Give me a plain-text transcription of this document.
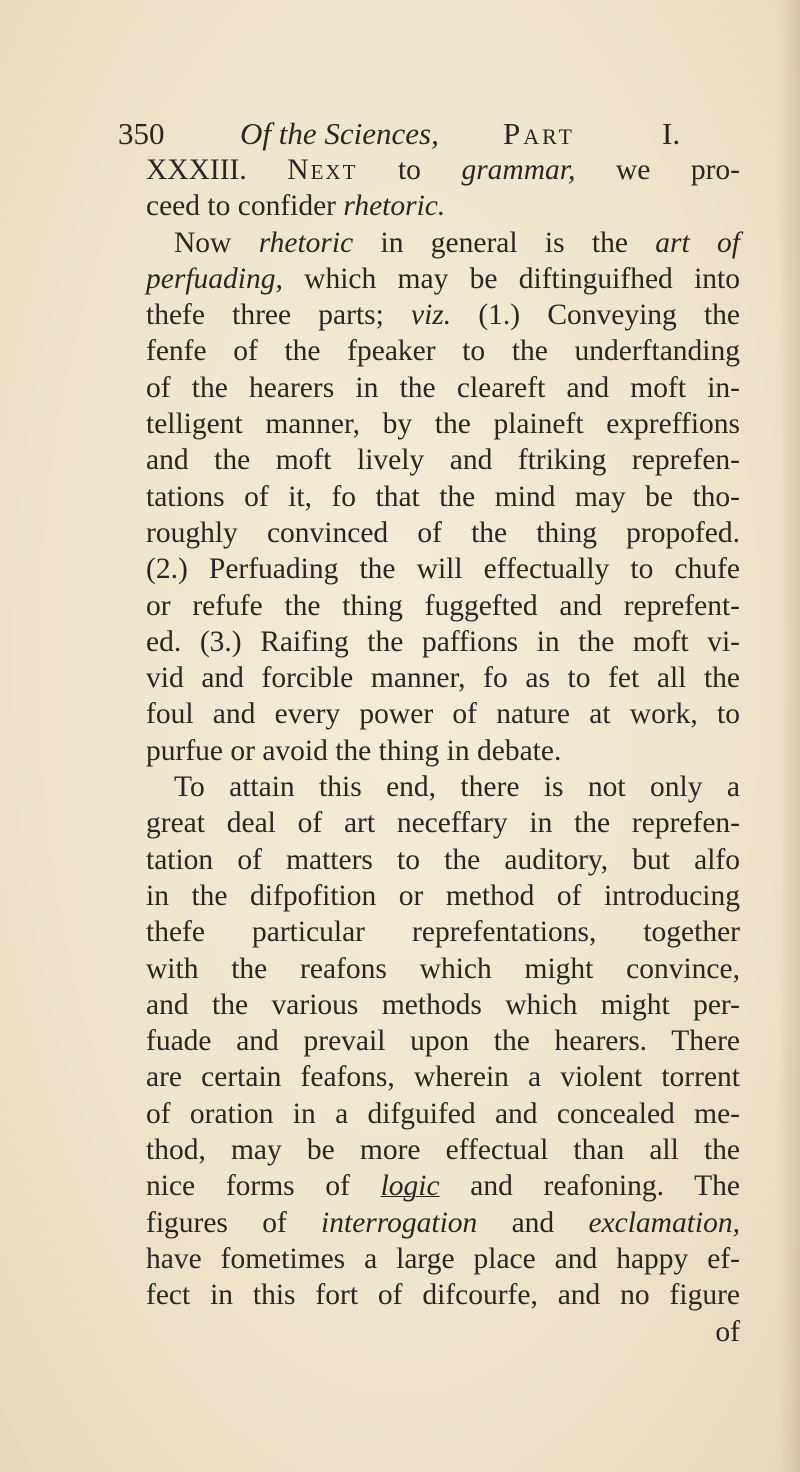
350 Of the Sciences, Part	I.
XXXIII. Next to grammar, we pro-
ceed to confider rhetoric.
Now rhetoric in general is the art of
perfuading, which may be diftinguifhed into
thefe three parts; viz. (1.) Conveying the
fenfe of the fpeaker to the underftanding
of the hearers in the cleareft and moft in-
telligent manner, by the plaineft expreffions
and the moft lively and ftriking reprefen-
tations of it, fo that the mind may be tho-
roughly convinced of the thing propofed.
(2.) Perfuading the will effectually to chufe
or refufe the thing fuggefted and reprefent-
ed. (3.) Raifing the paffions in the moft vi-
vid and forcible manner, fo as to fet all the
foul and every power of nature at work, to
purfue or avoid the thing in debate.
To attain this end, there is not only a
great deal of art neceffary in the reprefen-
tation of matters to the auditory, but alfo
in the difpofition or method of introducing
thefe particular reprefentations, together
with the reafons which might convince,
and the various methods which might per-
fuade and prevail upon the hearers. There
are certain feafons, wherein a violent torrent
of oration in a difguifed and concealed me-
thod, may be more effectual than all the
nice forms of logic and reafoning. The
figures of interrogation and exclamation,
have fometimes a large place and happy ef-
fect in this fort of difcourfe, and no figure
of
